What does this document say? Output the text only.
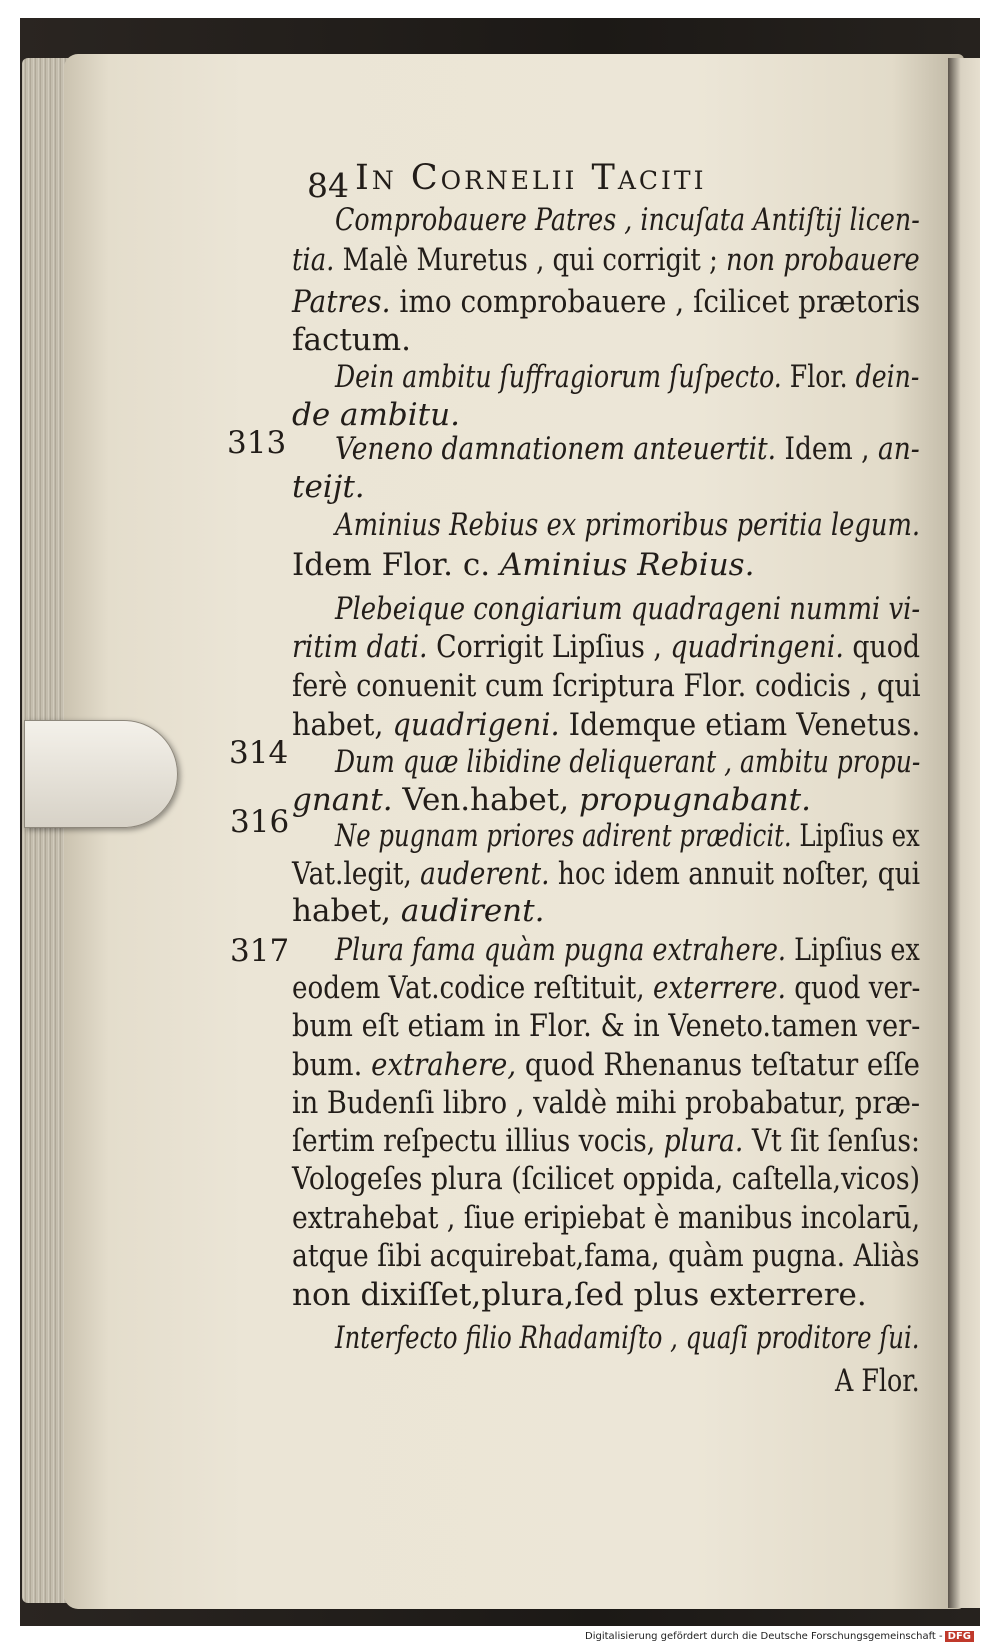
84 In Cornelii Taciti
313
314
316
317
Comprobauere Patres , incuſata Antiſtij licen-
tia. Malè Muretus , qui corrigit ; non probauere
Patres. imo comprobauere , ſcilicet prætoris
factum.
Dein ambitu ſuffragiorum ſuſpecto. Flor. dein-
de ambitu.
Veneno damnationem anteuertit. Idem , an-
teijt.
Aminius Rebius ex primoribus peritia legum.
Idem Flor. c. Aminius Rebius.
Plebeique congiarium quadrageni nummi vi-
ritim dati. Corrigit Lipſius , quadringeni. quod
ferè conuenit cum ſcriptura Flor. codicis , qui
habet, quadrigeni. Idemque etiam Venetus.
Dum quæ libidine deliquerant , ambitu propu-
gnant. Ven.habet, propugnabant.
Ne pugnam priores adirent prædicit. Lipſius ex
Vat.legit, auderent. hoc idem annuit noſter, qui
habet, audirent.
Plura fama quàm pugna extrahere. Lipſius ex
eodem Vat.codice reſtituit, exterrere. quod ver-
bum eſt etiam in Flor. & in Veneto.tamen ver-
bum. extrahere, quod Rhenanus teſtatur eſſe
in Budenſi libro , valdè mihi probabatur, præ-
ſertim reſpectu illius vocis, plura. Vt ſit ſenſus:
Vologeſes plura (ſcilicet oppida, caſtella,vicos)
extrahebat , ſiue eripiebat è manibus incolarū,
atque ſibi acquirebat,fama, quàm pugna. Aliàs
non dixiſſet,plura,ſed plus exterrere.
Interfecto filio Rhadamiſto , quaſi proditore ſui.
A Flor.
Digitalisierung gefördert durch die Deutsche Forschungsgemeinschaft - DFG
